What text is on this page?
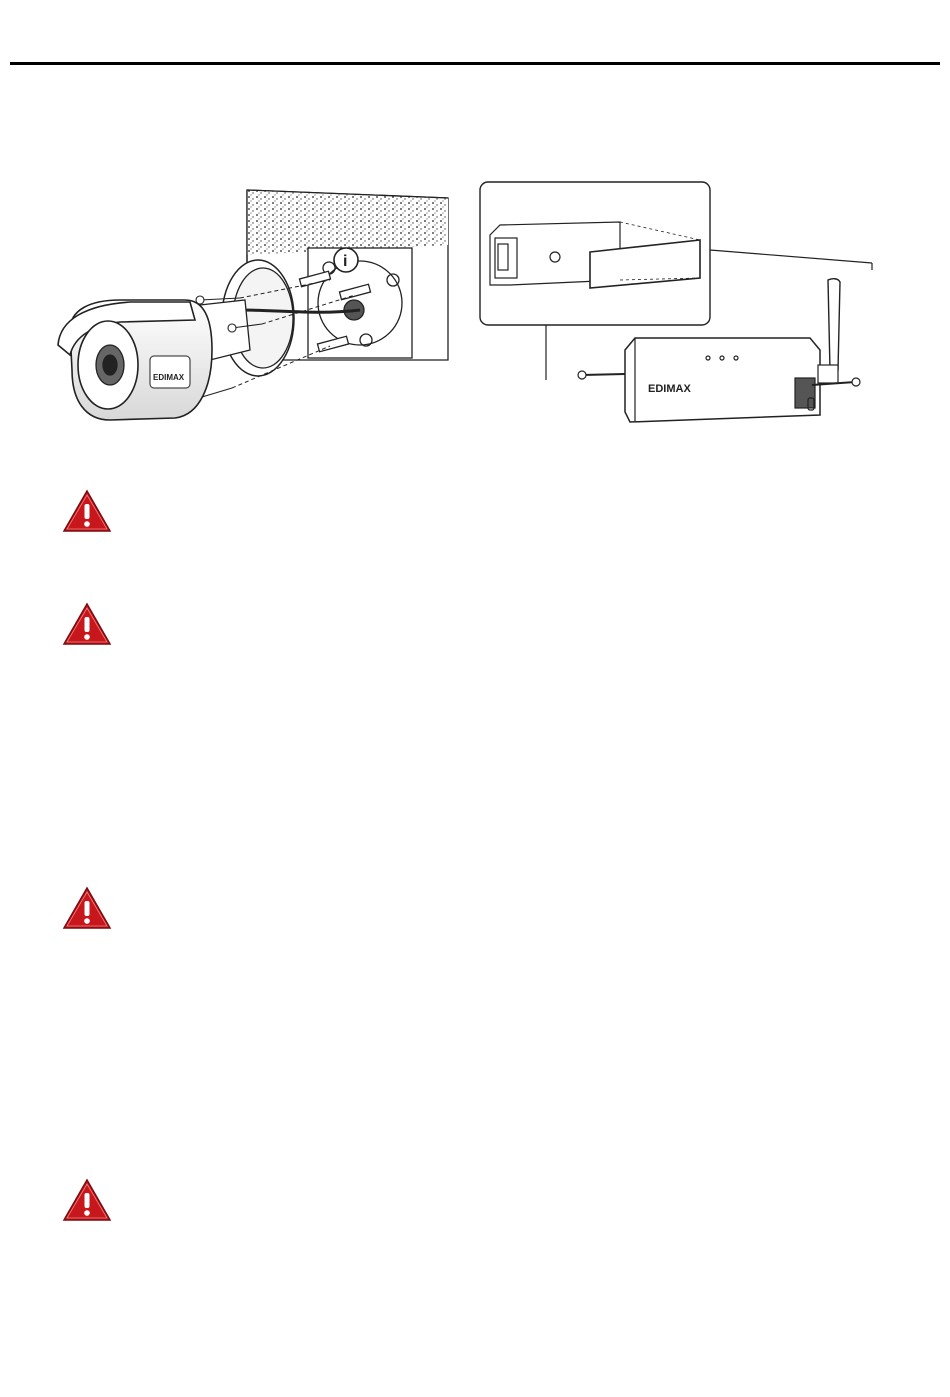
i
EDIMAX
EDIMAX
